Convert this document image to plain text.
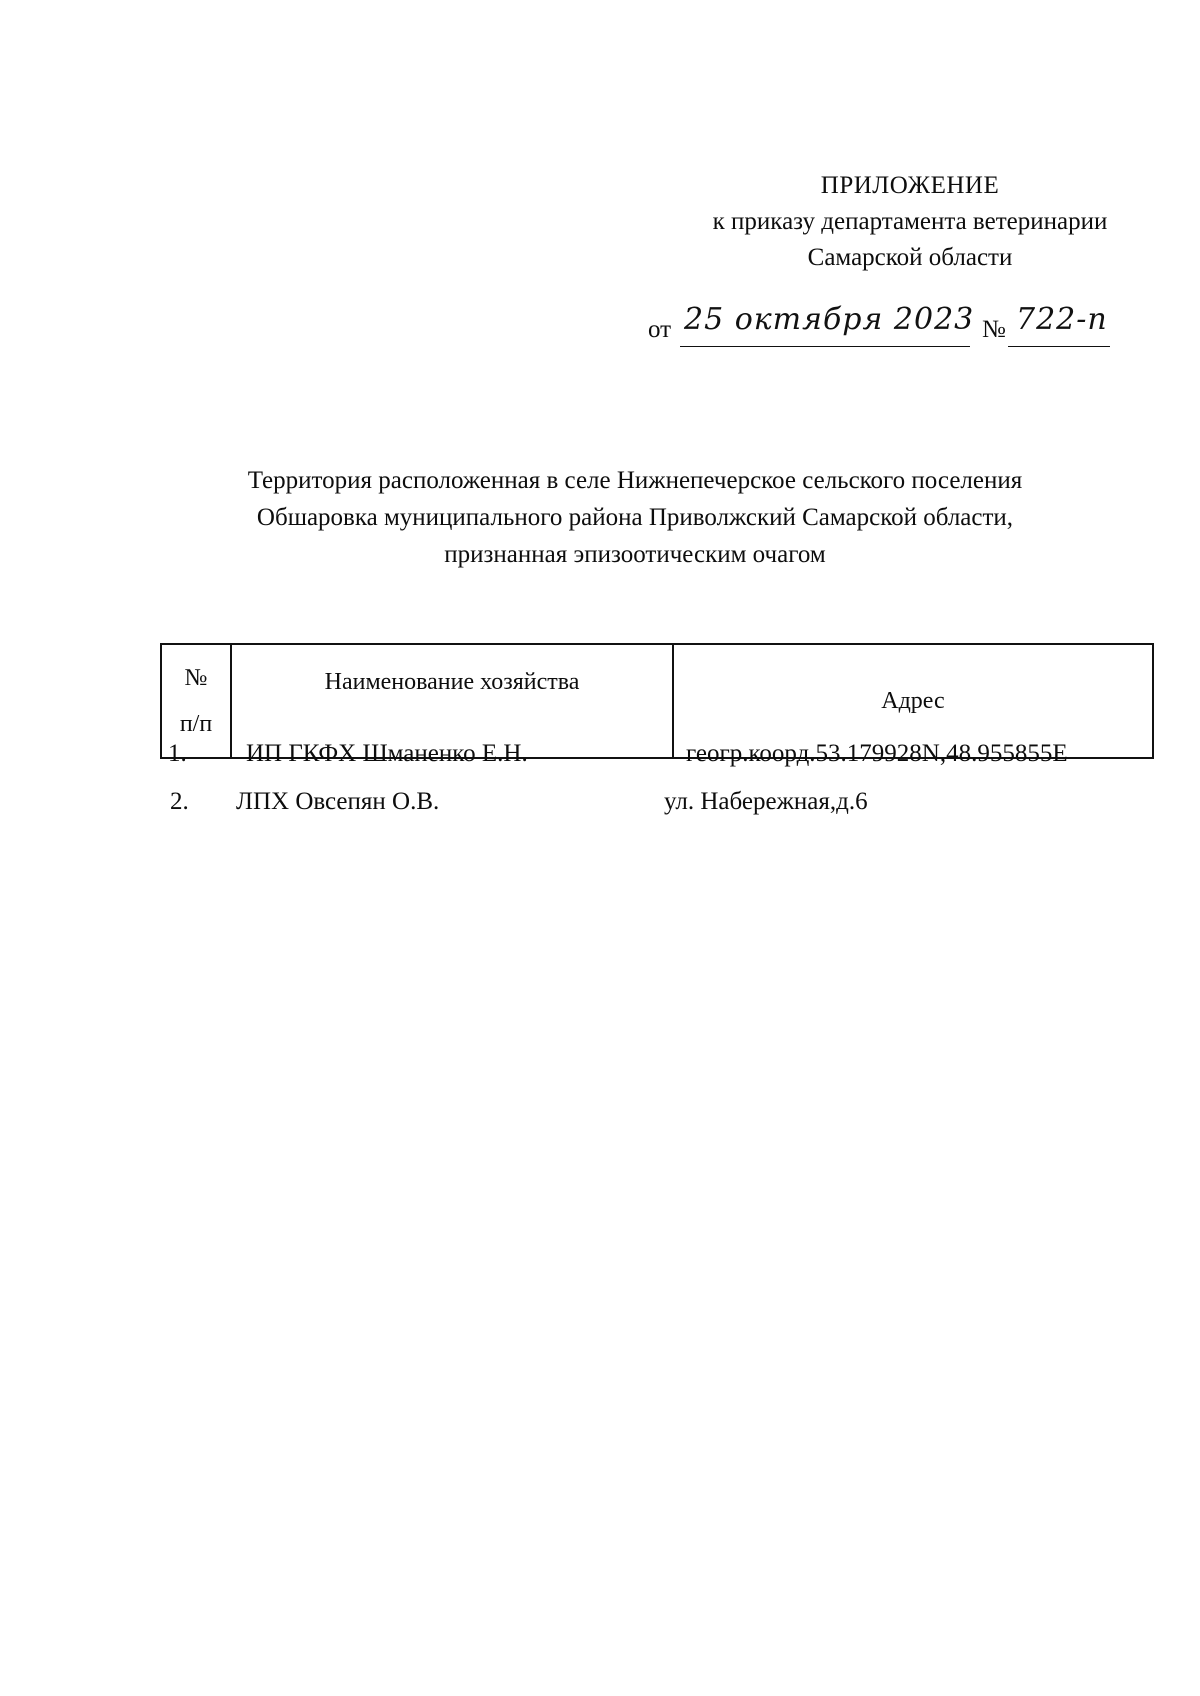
ПРИЛОЖЕНИЕ
к приказу департамента ветеринарии
Самарской области
от 25 октября 2023 № 722-п
Территория расположенная в селе Нижнепечерское сельского поселения
Обшаровка муниципального района Приволжский Самарской области,
признанная эпизоотическим очагом
№
п/п
	Наименование хозяйства	Адрес
1. ИП ГКФХ Шманенко Е.Н.	геогр.коорд.53.179928N,48.955855E
2. ЛПХ Овсепян О.В.	ул. Набережная,д.6
